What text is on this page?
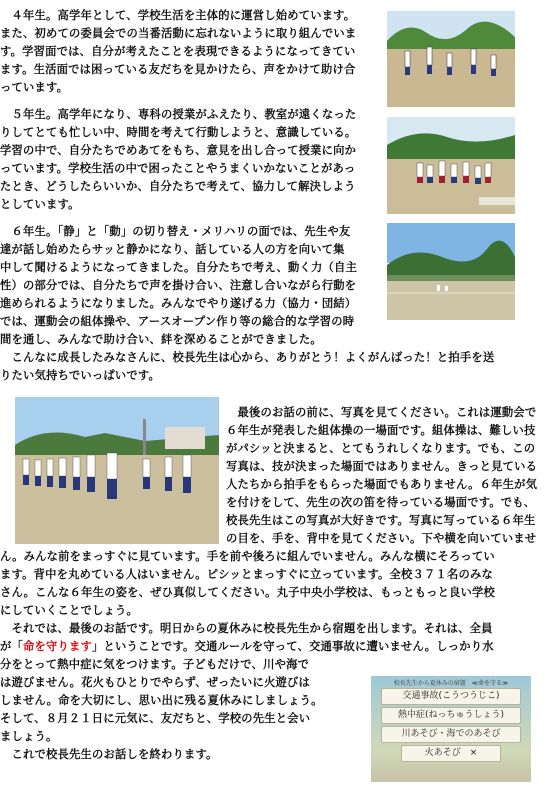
　４年生。高学年として、学校生活を主体的に運営し始めています。
また、初めての委員会での当番活動に忘れないように取り組んでいま
す。学習面では、自分が考えたことを表現できるようになってきてい
ます。生活面では困っている友だちを見かけたら、声をかけて助け合
っています。
　５年生。高学年になり、専科の授業がふえたり、教室が遠くなった
りしてとても忙しい中、時間を考えて行動しようと、意識している。
学習の中で、自分たちでめあてをもち、意見を出し合って授業に向か
っています。学校生活の中で困ったことやうまくいかないことがあっ
たとき、どうしたらいいか、自分たちで考えて、協力して解決しよう
としています。
　６年生。「静」と「動」の切り替え・メリハリの面では、先生や友
達が話し始めたらサッと静かになり、話している人の方を向いて集
中して聞けるようになってきました。自分たちで考え、動く力（自主
性）の部分では、自分たちで声を掛け合い、注意し合いながら行動を
進められるようになりました。みんなでやり遂げる力（協力・団結）
では、運動会の組体操や、アースオープン作り等の総合的な学習の時
間を通し、みんなで助け合い、絆を深めることができました。
　こんなに成長したみなさんに、校長先生は心から、ありがとう！よくがんばった！と拍手を送
りたい気持ちでいっぱいです。
　最後のお話の前に、写真を見てください。これは運動会で
６年生が発表した組体操の一場面です。組体操は、難しい技
がパシッと決まると、とてもうれしくなります。でも、この
写真は、技が決まった場面ではありません。きっと見ている
人たちから拍手をもらった場面でもありません。６年生が気
を付けをして、先生の次の笛を待っている場面です。でも、
校長先生はこの写真が大好きです。写真に写っている６年生
の目を、手を、背中を見てください。下や横を向いていませ
ん。みんな前をまっすぐに見ています。手を前や後ろに組んでいません。みんな横にそろってい
ます。背中を丸めている人はいません。ピシッとまっすぐに立っています。全校３７１名のみな
さん。こんな６年生の姿を、ぜひ真似してください。丸子中央小学校は、もっともっと良い学校
にしていくことでしょう。
　それでは、最後のお話です。明日からの夏休みに校長先生から宿題を出します。それは、全員
が「命を守ります」ということです。交通ルールを守って、交通事故に遭いません。しっかり水
分をとって熱中症に気をつけます。子どもだけで、川や海で
は遊びません。花火もひとりでやらず、ぜったいに火遊びは
しません。命を大切にし、思い出に残る夏休みにしましょう。
そして、８月２１日に元気に、友だちと、学校の先生と会い
ましょう。
　これで校長先生のお話しを終わります。
校長先生から夏休みの宿題　≪命を守る≫
交通事故(こうつうじこ)
熱中症(ねっちゅうしょう)
川あそび・海でのあそび
火あそび　×
